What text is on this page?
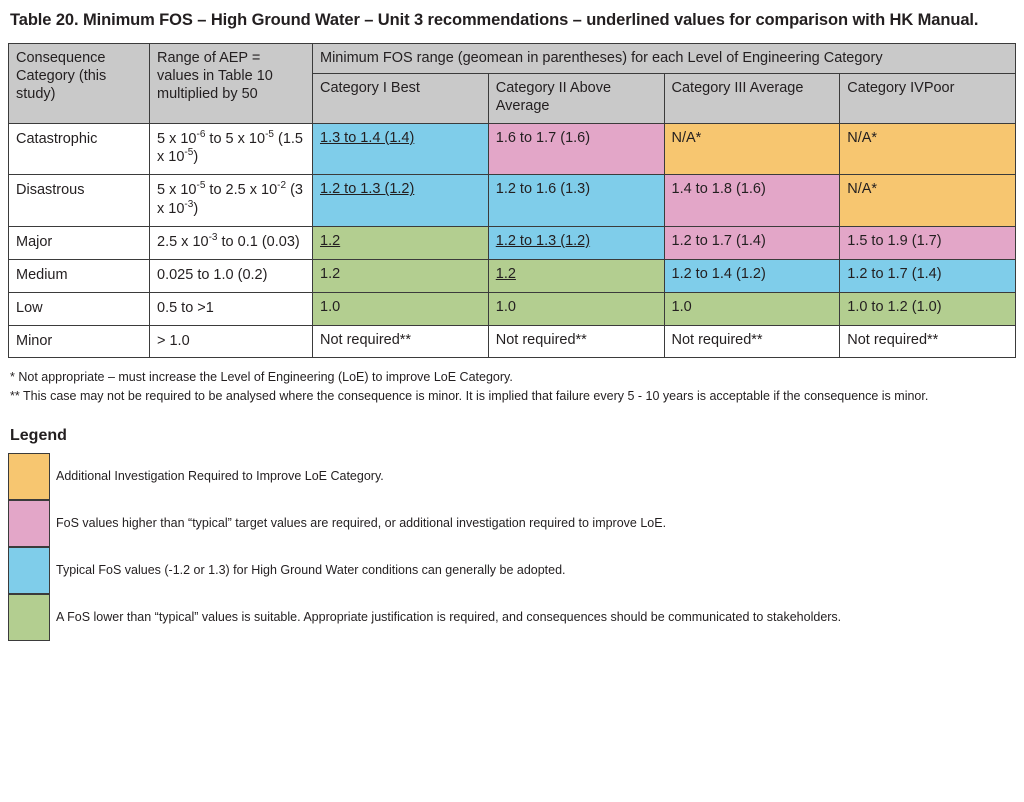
Table 20. Minimum FOS – High Ground Water – Unit 3 recommendations – underlined values for comparison with HK Manual.
Consequence Category (this study)	Range of AEP = values in Table 10 multiplied by 50	Minimum FOS range (geomean in parentheses) for each Level of Engineering Category			
		Category I Best	Category II Above Average	Category III Average	Category IVPoor
Catastrophic	5 x $10^{-6}$ to 5 x $10^{-5}$ (1.5 x $10^{-5}$)	1.3 to 1.4 (1.4)	1.6 to 1.7 (1.6)	N/A*	N/A*
Disastrous	5 x $10^{-5}$ to 2.5 x $10^{-2}$ (3 x $10^{-3}$)	1.2 to 1.3 (1.2)	1.2 to 1.6 (1.3)	1.4 to 1.8 (1.6)	N/A*
Major	2.5 x $10^{-3}$ to 0.1 (0.03)	1.2	1.2 to 1.3 (1.2)	1.2 to 1.7 (1.4)	1.5 to 1.9 (1.7)
Medium	0.025 to 1.0 (0.2)	1.2	1.2	1.2 to 1.4 (1.2)	1.2 to 1.7 (1.4)
Low	0.5 to >1	1.0	1.0	1.0	1.0 to 1.2 (1.0)
Minor	> 1.0	Not required**	Not required**	Not required**	Not required**
* Not appropriate – must increase the Level of Engineering (LoE) to improve LoE Category.
** This case may not be required to be analysed where the consequence is minor. It is implied that failure every 5 - 10 years is acceptable if the consequence is minor.
Legend
	Additional Investigation Required to Improve LoE Category.

	FoS values higher than “typical” target values are required, or additional investigation required to improve LoE.

	Typical FoS values (-1.2 or 1.3) for High Ground Water conditions can generally be adopted.

	A FoS lower than “typical” values is suitable. Appropriate justification is required, and consequences should be communicated to stakeholders.
